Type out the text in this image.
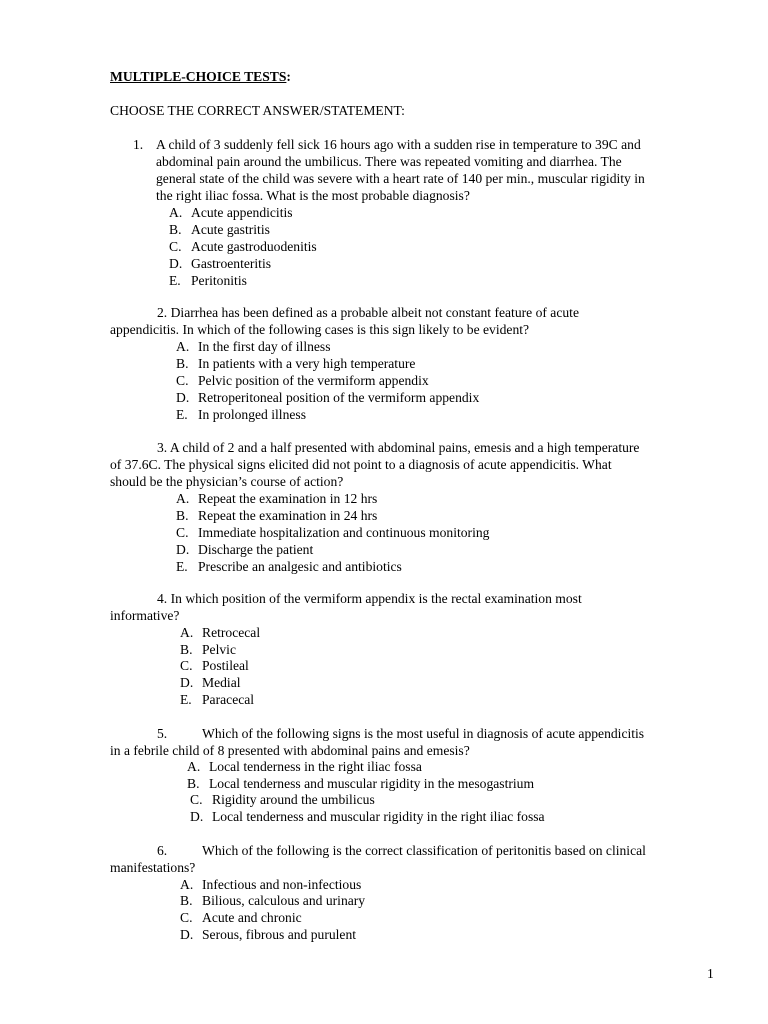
MULTIPLE-CHOICE TESTS:
CHOOSE THE CORRECT ANSWER/STATEMENT:
1. A child of 3 suddenly fell sick 16 hours ago with a sudden rise in temperature to 39C and
abdominal pain around the umbilicus. There was repeated vomiting and diarrhea. The
general state of the child was severe with a heart rate of 140 per min., muscular rigidity in
the right iliac fossa. What is the most probable diagnosis?
A. Acute appendicitis
B. Acute gastritis
C. Acute gastroduodenitis
D. Gastroenteritis
E. Peritonitis
2. Diarrhea has been defined as a probable albeit not constant feature of acute
appendicitis. In which of the following cases is this sign likely to be evident?
A. In the first day of illness
B. In patients with a very high temperature
C. Pelvic position of the vermiform appendix
D. Retroperitoneal position of the vermiform appendix
E. In prolonged illness
3. A child of 2 and a half presented with abdominal pains, emesis and a high temperature
of 37.6C. The physical signs elicited did not point to a diagnosis of acute appendicitis. What
should be the physician’s course of action?
A. Repeat the examination in 12 hrs
B. Repeat the examination in 24 hrs
C. Immediate hospitalization and continuous monitoring
D. Discharge the patient
E. Prescribe an analgesic and antibiotics
4. In which position of the vermiform appendix is the rectal examination most
informative?
A. Retrocecal
B. Pelvic
C. Postileal
D. Medial
E. Paracecal
5.	Which of the following signs is the most useful in diagnosis of acute appendicitis
in a febrile child of 8 presented with abdominal pains and emesis?
A. Local tenderness in the right iliac fossa
B. Local tenderness and muscular rigidity in the mesogastrium
C. Rigidity around the umbilicus
D. Local tenderness and muscular rigidity in the right iliac fossa
6.	Which of the following is the correct classification of peritonitis based on clinical
manifestations?
A. Infectious and non-infectious
B. Bilious, calculous and urinary
C. Acute and chronic
D. Serous, fibrous and purulent
1
